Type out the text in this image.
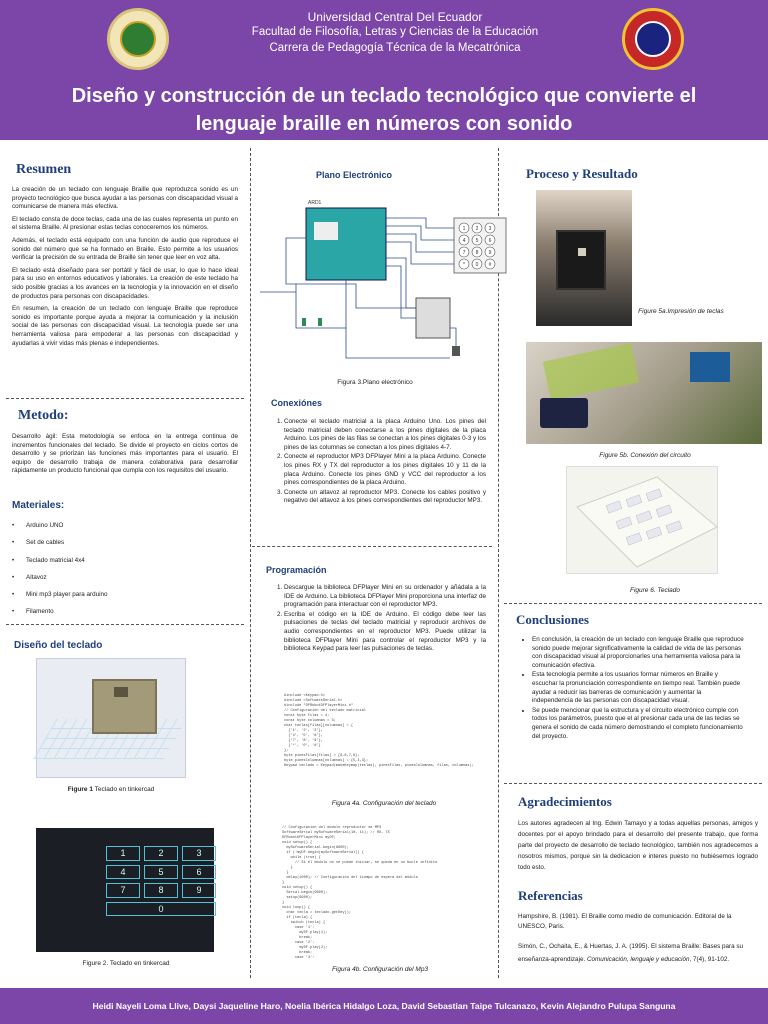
Universidad Central Del Ecuador
Facultad de Filosofía, Letras y Ciencias de la Educación
Carrera de Pedagogía Técnica de la Mecatrónica
Diseño y construcción de un teclado tecnológico que convierte el
lenguaje braille en números con sonido
Resumen

La creación de un teclado con lenguaje Braille que reproduzca sonido es un proyecto tecnológico que busca ayudar a las personas con discapacidad visual a comunicarse de manera más efectiva.

El teclado consta de doce teclas, cada una de las cuales representa un punto en el sistema Braille. Al presionar estas teclas conoceremos los números.

Además, el teclado está equipado con una función de audio que reproduce el sonido del número que se ha formado en Braille. Esto permite a los usuarios verificar la precisión de su entrada de Braille sin tener que leer en voz alta.

El teclado está diseñado para ser portátil y fácil de usar, lo que lo hace ideal para su uso en entornos educativos y laborales. La creación de este teclado ha sido posible gracias a los avances en la tecnología y la innovación en el diseño de productos para personas con discapacidades.

En resumen, la creación de un teclado con lenguaje Braille que reproduce sonido es importante porque ayuda a mejorar la comunicación y la inclusión social de las personas con discapacidad visual. La tecnología puede ser una herramienta valiosa para empoderar a las personas con discapacidad y ayudarlas a vivir vidas más plenas e independientes.

Metodo:
Desarrollo ágil: Esta metodología se enfoca en la entrega continua de incrementos funcionales del teclado. Se divide el proyecto en ciclos cortos de desarrollo y se priorizan las funciones más importantes para el usuario. El equipo de desarrollo trabaja de manera colaborativa para desarrollar rápidamente un producto funcional que cumpla con los requisitos del usuario.
Materiales:
• Arduino UNO
• Set de cables
• Teclado matricial 4x4
• Altavoz
• Mini mp3 player para arduino
• Filamento
Diseño del teclado
Figure 1 Teclado en tinkercad
1	2	3
4	5	6
7	8	9
0
Figure 2. Teclado en tinkercad
Plano Electrónico
ARD1
1 2 3
4 5 6
7 8 9
* 0 #
Figura 3.Plano electrónico
Conexiónes
1. Conecte el teclado matricial a la placa Arduino Uno. Los pines del teclado matricial deben conectarse a los pines digitales de la placa Arduino. Los pines de las filas se conectan a los pines digitales 0-3 y los pines de las columnas se conectan a los pines digitales 4-7.
2. Conecte el reproductor MP3 DFPlayer Mini a la placa Arduino. Conecte los pines RX y TX del reproductor a los pines digitales 10 y 11 de la placa Arduino. Conecte los pines GND y VCC del reproductor a los pines correspondientes de la placa Arduino.
3. Conecte un altavoz al reproductor MP3. Conecte los cables positivo y negativo del altavoz a los pines correspondientes del reproductor MP3.
Programación
1. Descargue la biblioteca DFPlayer Mini en su ordenador y añádala a la IDE de Arduino. La biblioteca DFPlayer Mini proporciona una interfaz de programación para interactuar con el reproductor MP3.
2. Escriba el código en la IDE de Arduino. El código debe leer las pulsaciones de teclas del teclado matricial y reproducir archivos de audio correspondientes en el reproductor MP3. Puede utilizar la biblioteca DFPlayer Mini para controlar el reproductor MP3 y la biblioteca Keypad para leer las pulsaciones de teclas.
#include <Keypad.h>
#include <SoftwareSerial.h>
#include "DFRobotDFPlayerMini.h"
// Configuración del teclado matricial
const byte filas = 4;
const byte columnas = 3;
char teclas[filas][columnas] = {
{'1', '2', '3'},
{'4', '5', '6'},
{'7', '8', '9'},
{'*', '0', '#'}
};
byte pinesFilas[filas] = {9,8,7,6};
byte pinesColumnas[columnas] = {5,4,3};
Keypad teclado = Keypad(makeKeymap(teclas), pinesFilas, pinesColumnas, filas, columnas);
Figura 4a. Configuración del teclado
// Configuración del módulo reproductor de MP3
SoftwareSerial mySoftwareSerial(10, 11); // RX, TX
DFRobotDFPlayerMini myDF;
void setup() {
mySoftwareSerial.begin(9600);
if (!myDF.begin(mySoftwareSerial)) {
while (true) {
// Si el módulo no se puede iniciar, se queda en un bucle infinito
}
}
delay(1000); // Configuración del tiempo de espera del módulo
}
void setup() {
Serial.begin(9600);
setup(9600);
}
void loop() {
char tecla = teclado.getKey();
if (tecla) {
switch (tecla) {
case '1':
myDF.play(1);
break;
case '2':
myDF.play(2);
break;
case '3':
Figura 4b. Configuración del Mp3
Proceso y Resultado
Figure 5a.Impresión de teclas
Figure 5b. Conexión del circuito
Figure 6. Teclado
Conclusiones
• En conclusión, la creación de un teclado con lenguaje Braille que reproduce sonido puede mejorar significativamente la calidad de vida de las personas con discapacidad visual al proporcionarles una herramienta valiosa para la comunicación efectiva.
• Esta tecnología permite a los usuarios formar números en Braille y escuchar la pronunciación correspondiente en tiempo real. También puede ayudar a reducir las barreras de comunicación y aumentar la independencia de las personas con discapacidad visual.
• Se puede mencionar que la estructura y el circuito electrónico cumple con todos los parámetros, puesto que el al presionar cada una de las teclas se genera el sonido de cada número demostrando el completo funcionamiento del proyecto.
Agradecimientos
Los autores agradecen al Ing. Edwin Tamayo y a todas aquellas personas, amigos y docentes por el apoyo brindado para el desarrollo del presente trabajo, que forma parte del proyecto de desarrollo de teclado tecnológico, también nos agradecemos a nosotros mismos, porque sin la dedicacion e interes puesto no hubiésemos logrado todo esto.
Referencias
Hampshire, B. (1981). El Braille como medio de comunicación. Editoral de la UNESCO, Paris.
Simón, C., Ochaita, E., & Huertas, J. A. (1995). El sistema Braille: Bases para su enseñanza-aprendizaje. Comunicación, lenguaje y educación, 7(4), 91-102.
Heidi Nayeli Loma Llive, Daysi Jaqueline Haro, Noelia Ibérica Hidalgo Loza, David Sebastian Taipe Tulcanazo, Kevin Alejandro Pulupa Sanguna
